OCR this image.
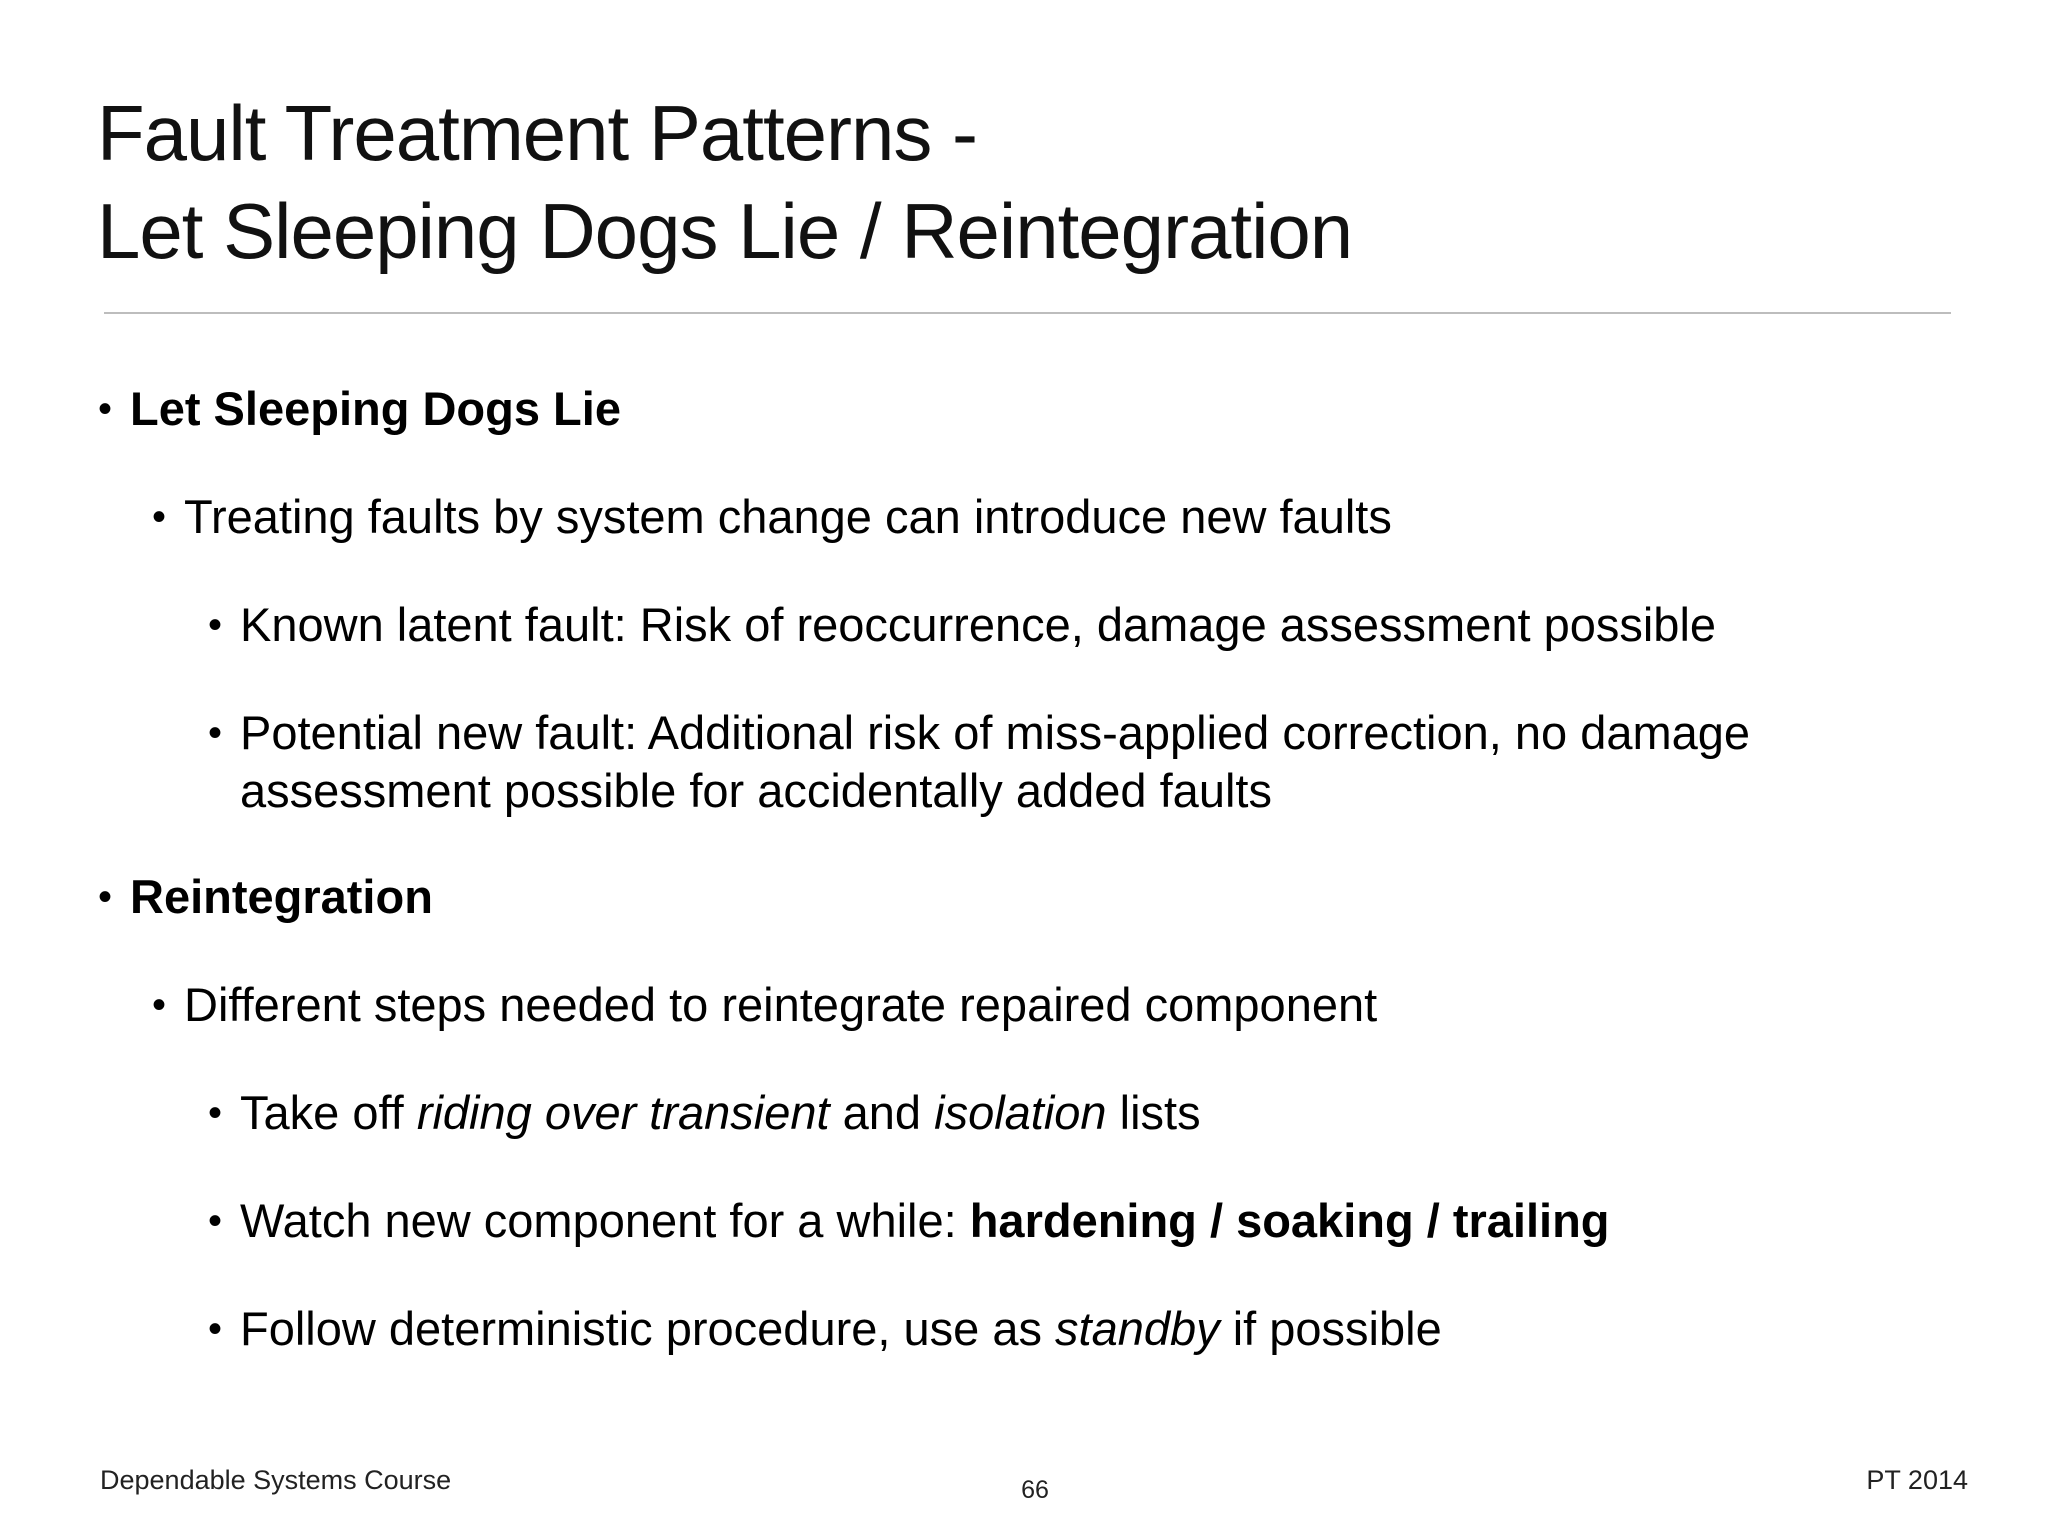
Fault Treatment Patterns -
Let Sleeping Dogs Lie / Reintegration
• Let Sleeping Dogs Lie
• Treating faults by system change can introduce new faults
• Known latent fault: Risk of reoccurrence, damage assessment possible
• Potential new fault: Additional risk of miss-applied correction, no damage assessment possible for accidentally added faults
• Reintegration
• Different steps needed to reintegrate repaired component
• Take off riding over transient and isolation lists
• Watch new component for a while: hardening / soaking / trailing
• Follow deterministic procedure, use as standby if possible
Dependable Systems Course	66	PT 2014
